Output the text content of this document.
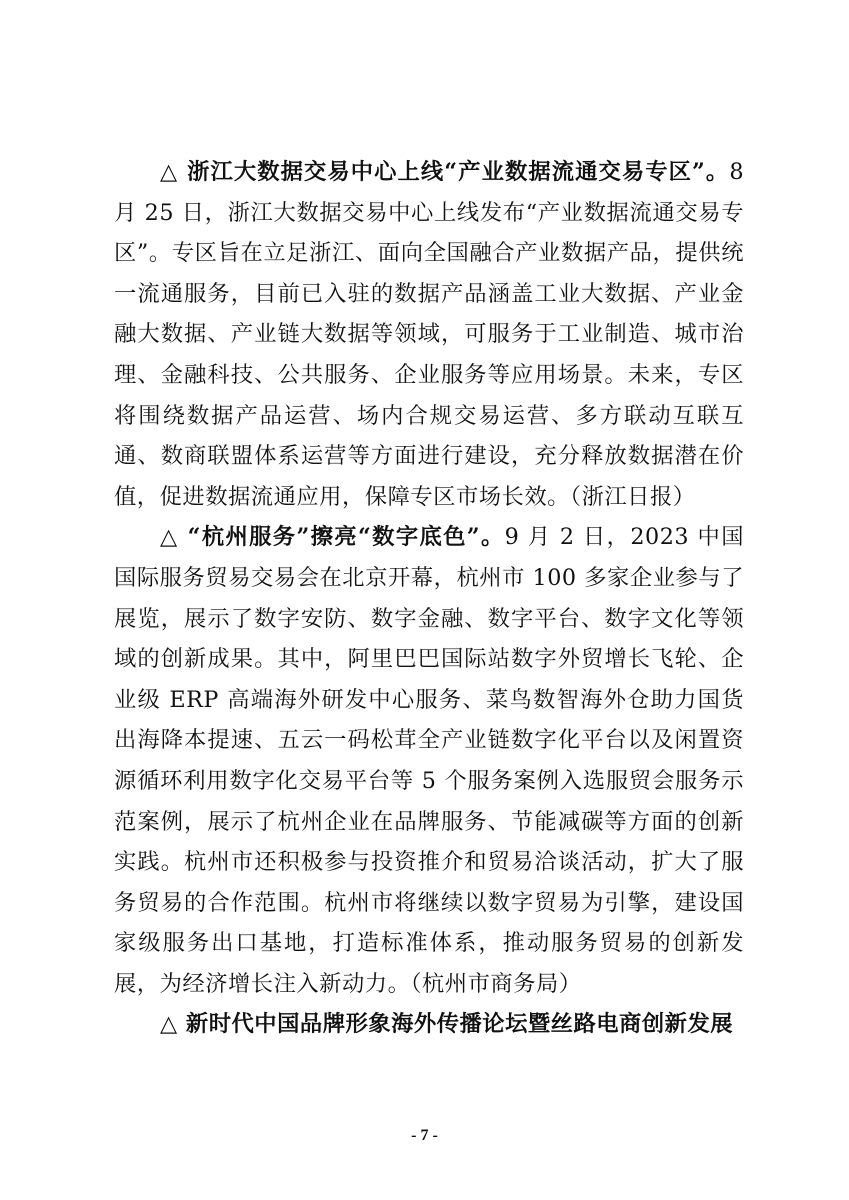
△ 浙江大数据交易中心上线“产业数据流通交易专区”。8 月 25 日，浙江大数据交易中心上线发布“产业数据流通交易专区”。专区旨在立足浙江、面向全国融合产业数据产品，提供统一流通服务，目前已入驻的数据产品涵盖工业大数据、产业金融大数据、产业链大数据等领域，可服务于工业制造、城市治理、金融科技、公共服务、企业服务等应用场景。未来，专区将围绕数据产品运营、场内合规交易运营、多方联动互联互通、数商联盟体系运营等方面进行建设，充分释放数据潜在价值，促进数据流通应用，保障专区市场长效。（浙江日报）

△ “杭州服务”擦亮“数字底色”。9 月 2 日，2023 中国国际服务贸易交易会在北京开幕，杭州市 100 多家企业参与了展览，展示了数字安防、数字金融、数字平台、数字文化等领域的创新成果。其中，阿里巴巴国际站数字外贸增长飞轮、企业级 ERP 高端海外研发中心服务、菜鸟数智海外仓助力国货出海降本提速、五云一码松茸全产业链数字化平台以及闲置资源循环利用数字化交易平台等 5 个服务案例入选服贸会服务示范案例，展示了杭州企业在品牌服务、节能减碳等方面的创新实践。杭州市还积极参与投资推介和贸易洽谈活动，扩大了服务贸易的合作范围。杭州市将继续以数字贸易为引擎，建设国家级服务出口基地，打造标准体系，推动服务贸易的创新发展，为经济增长注入新动力。（杭州市商务局）

△ 新时代中国品牌形象海外传播论坛暨丝路电商创新发展

- 7 -
